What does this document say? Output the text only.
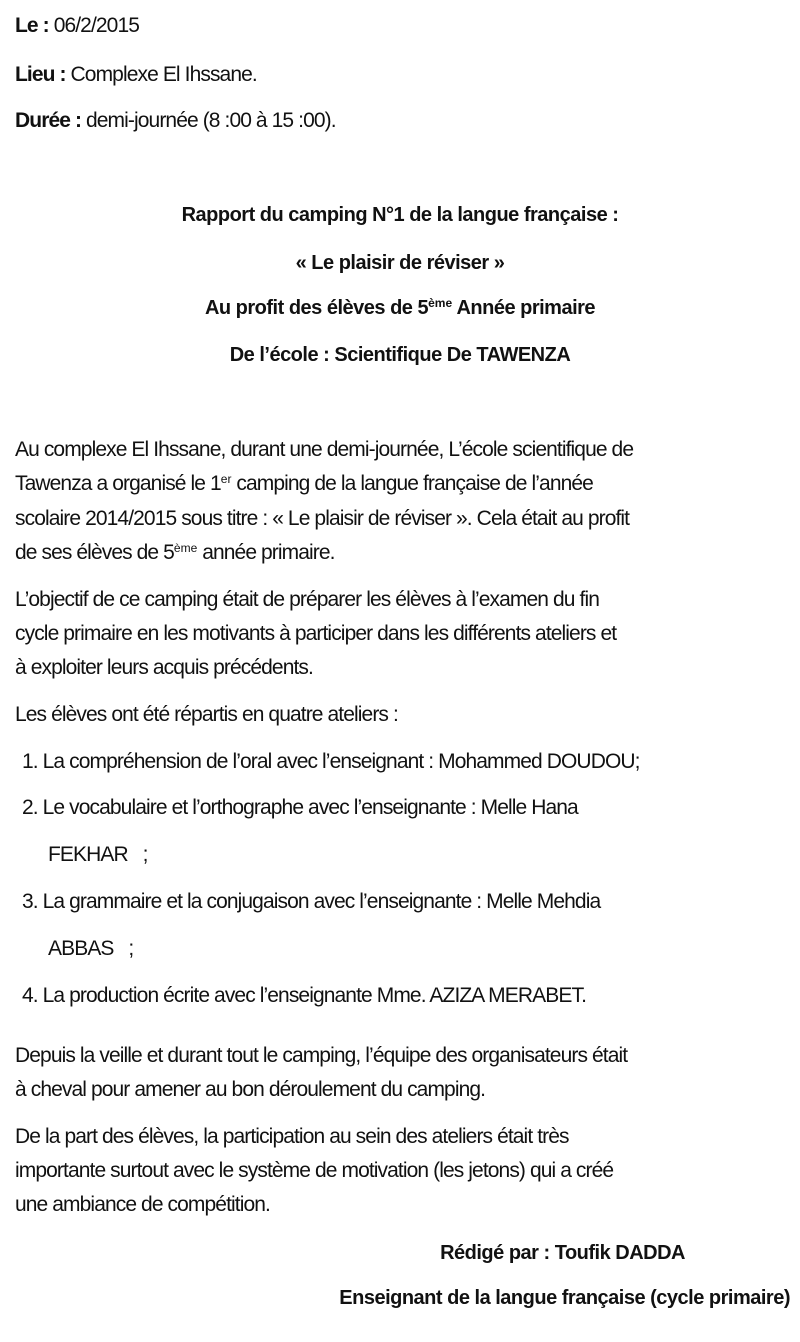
Le : 06/2/2015
Lieu : Complexe El Ihssane.
Durée : demi-journée (8 :00 à 15 :00).
Rapport du camping N°1 de la langue française :
« Le plaisir de réviser »
Au profit des élèves de 5ème Année primaire
De l’école : Scientifique De TAWENZA
Au complexe El Ihssane, durant une demi-journée, L’école scientifique de
Tawenza a organisé le 1er camping de la langue française de l’année
scolaire 2014/2015 sous titre : « Le plaisir de réviser ». Cela était au profit
de ses élèves de 5ème année primaire.
L’objectif de ce camping était de préparer les élèves à l’examen du fin
cycle primaire en les motivants à participer dans les différents ateliers et
à exploiter leurs acquis précédents.
Les élèves ont été répartis en quatre ateliers :
1. La compréhension de l’oral avec l’enseignant : Mohammed DOUDOU;
2. Le vocabulaire et l’orthographe avec l’enseignante : Melle Hana
FEKHAR   ;
3. La grammaire et la conjugaison avec l’enseignante : Melle Mehdia
ABBAS   ;
4. La production écrite avec l’enseignante Mme. AZIZA MERABET.
Depuis la veille et durant tout le camping, l’équipe des organisateurs était
à cheval pour amener au bon déroulement du camping.
De la part des élèves, la participation au sein des ateliers était très
importante surtout avec le système de motivation (les jetons) qui a créé
une ambiance de compétition.
Rédigé par : Toufik DADDA
Enseignant de la langue française (cycle primaire)
